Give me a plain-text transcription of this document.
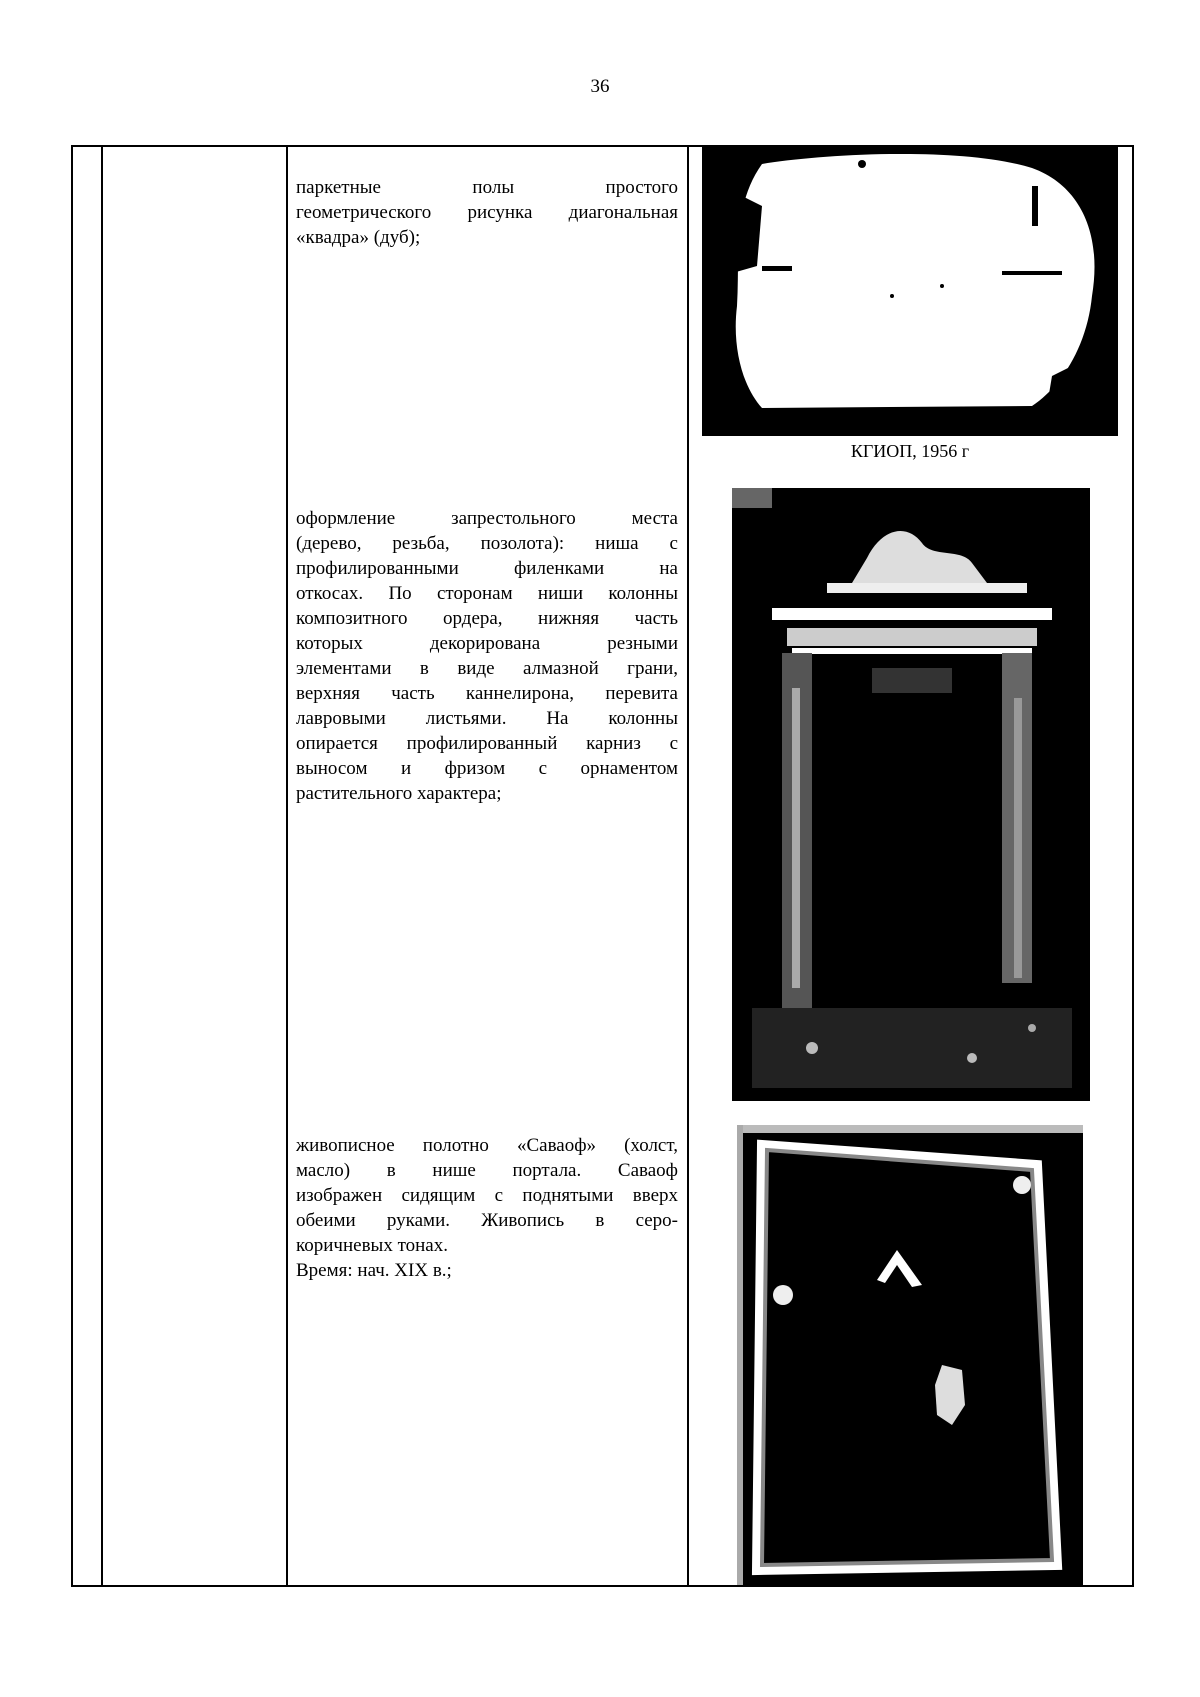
36
паркетные полы простого
геометрического рисунка диагональная
«квадра» (дуб);
КГИОП, 1956 г
оформление запрестольного места
(дерево, резьба, позолота): ниша с
профилированными филенками на
откосах. По сторонам ниши колонны
композитного ордера, нижняя часть
которых декорирована резными
элементами в виде алмазной грани,
верхняя часть каннелирона, перевита
лавровыми листьями. На колонны
опирается профилированный карниз с
выносом и фризом с орнаментом
растительного характера;
живописное полотно «Саваоф» (холст,
масло) в нише портала. Саваоф
изображен сидящим с поднятыми вверх
обеими руками. Живопись в серо-
коричневых тонах.
Время: нач. XIX в.;
